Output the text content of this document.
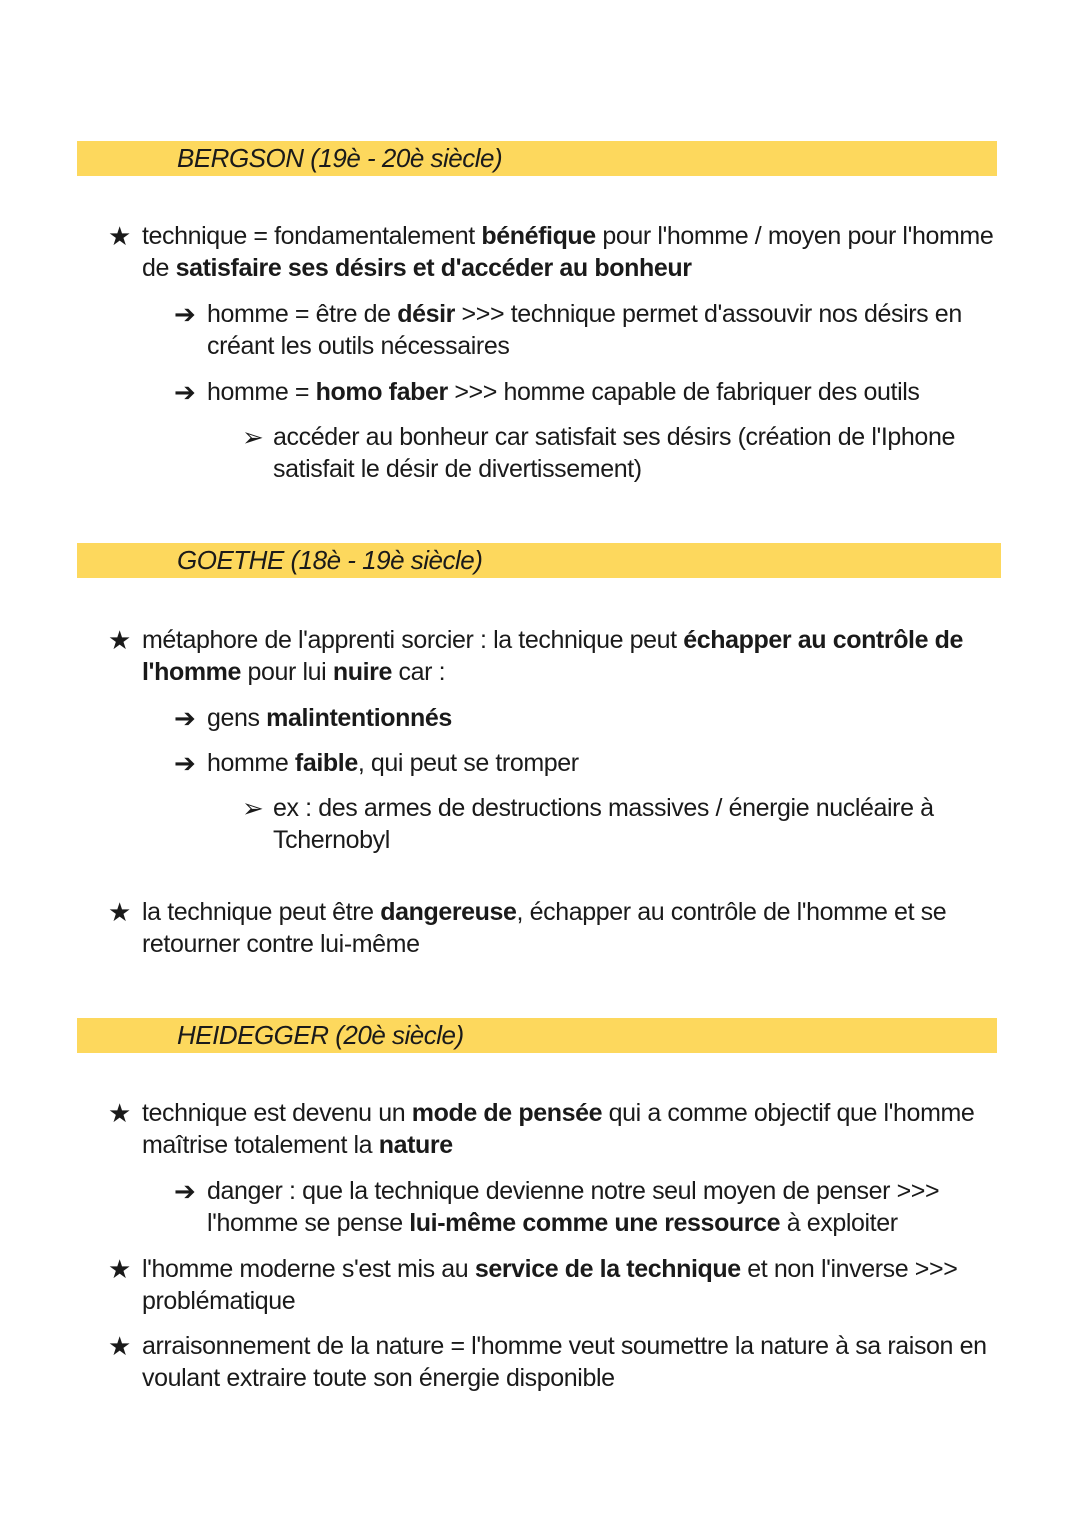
BERGSON (19è - 20è siècle)
★ technique = fondamentalement bénéfique pour l'homme / moyen pour l'homme
de satisfaire ses désirs et d'accéder au bonheur
➔ homme = être de désir >>> technique permet d'assouvir nos désirs en
créant les outils nécessaires
➔ homme = homo faber >>> homme capable de fabriquer des outils
➢ accéder au bonheur car satisfait ses désirs (création de l'Iphone
satisfait le désir de divertissement)
GOETHE (18è - 19è siècle)
★ métaphore de l'apprenti sorcier : la technique peut échapper au contrôle de
l'homme pour lui nuire car :
➔ gens malintentionnés
➔ homme faible, qui peut se tromper
➢ ex : des armes de destructions massives / énergie nucléaire à
Tchernobyl
★ la technique peut être dangereuse, échapper au contrôle de l'homme et se
retourner contre lui-même
HEIDEGGER (20è siècle)
★ technique est devenu un mode de pensée qui a comme objectif que l'homme
maîtrise totalement la nature
➔ danger : que la technique devienne notre seul moyen de penser >>>
l'homme se pense lui-même comme une ressource à exploiter
★ l'homme moderne s'est mis au service de la technique et non l'inverse >>>
problématique
★ arraisonnement de la nature = l'homme veut soumettre la nature à sa raison en
voulant extraire toute son énergie disponible
